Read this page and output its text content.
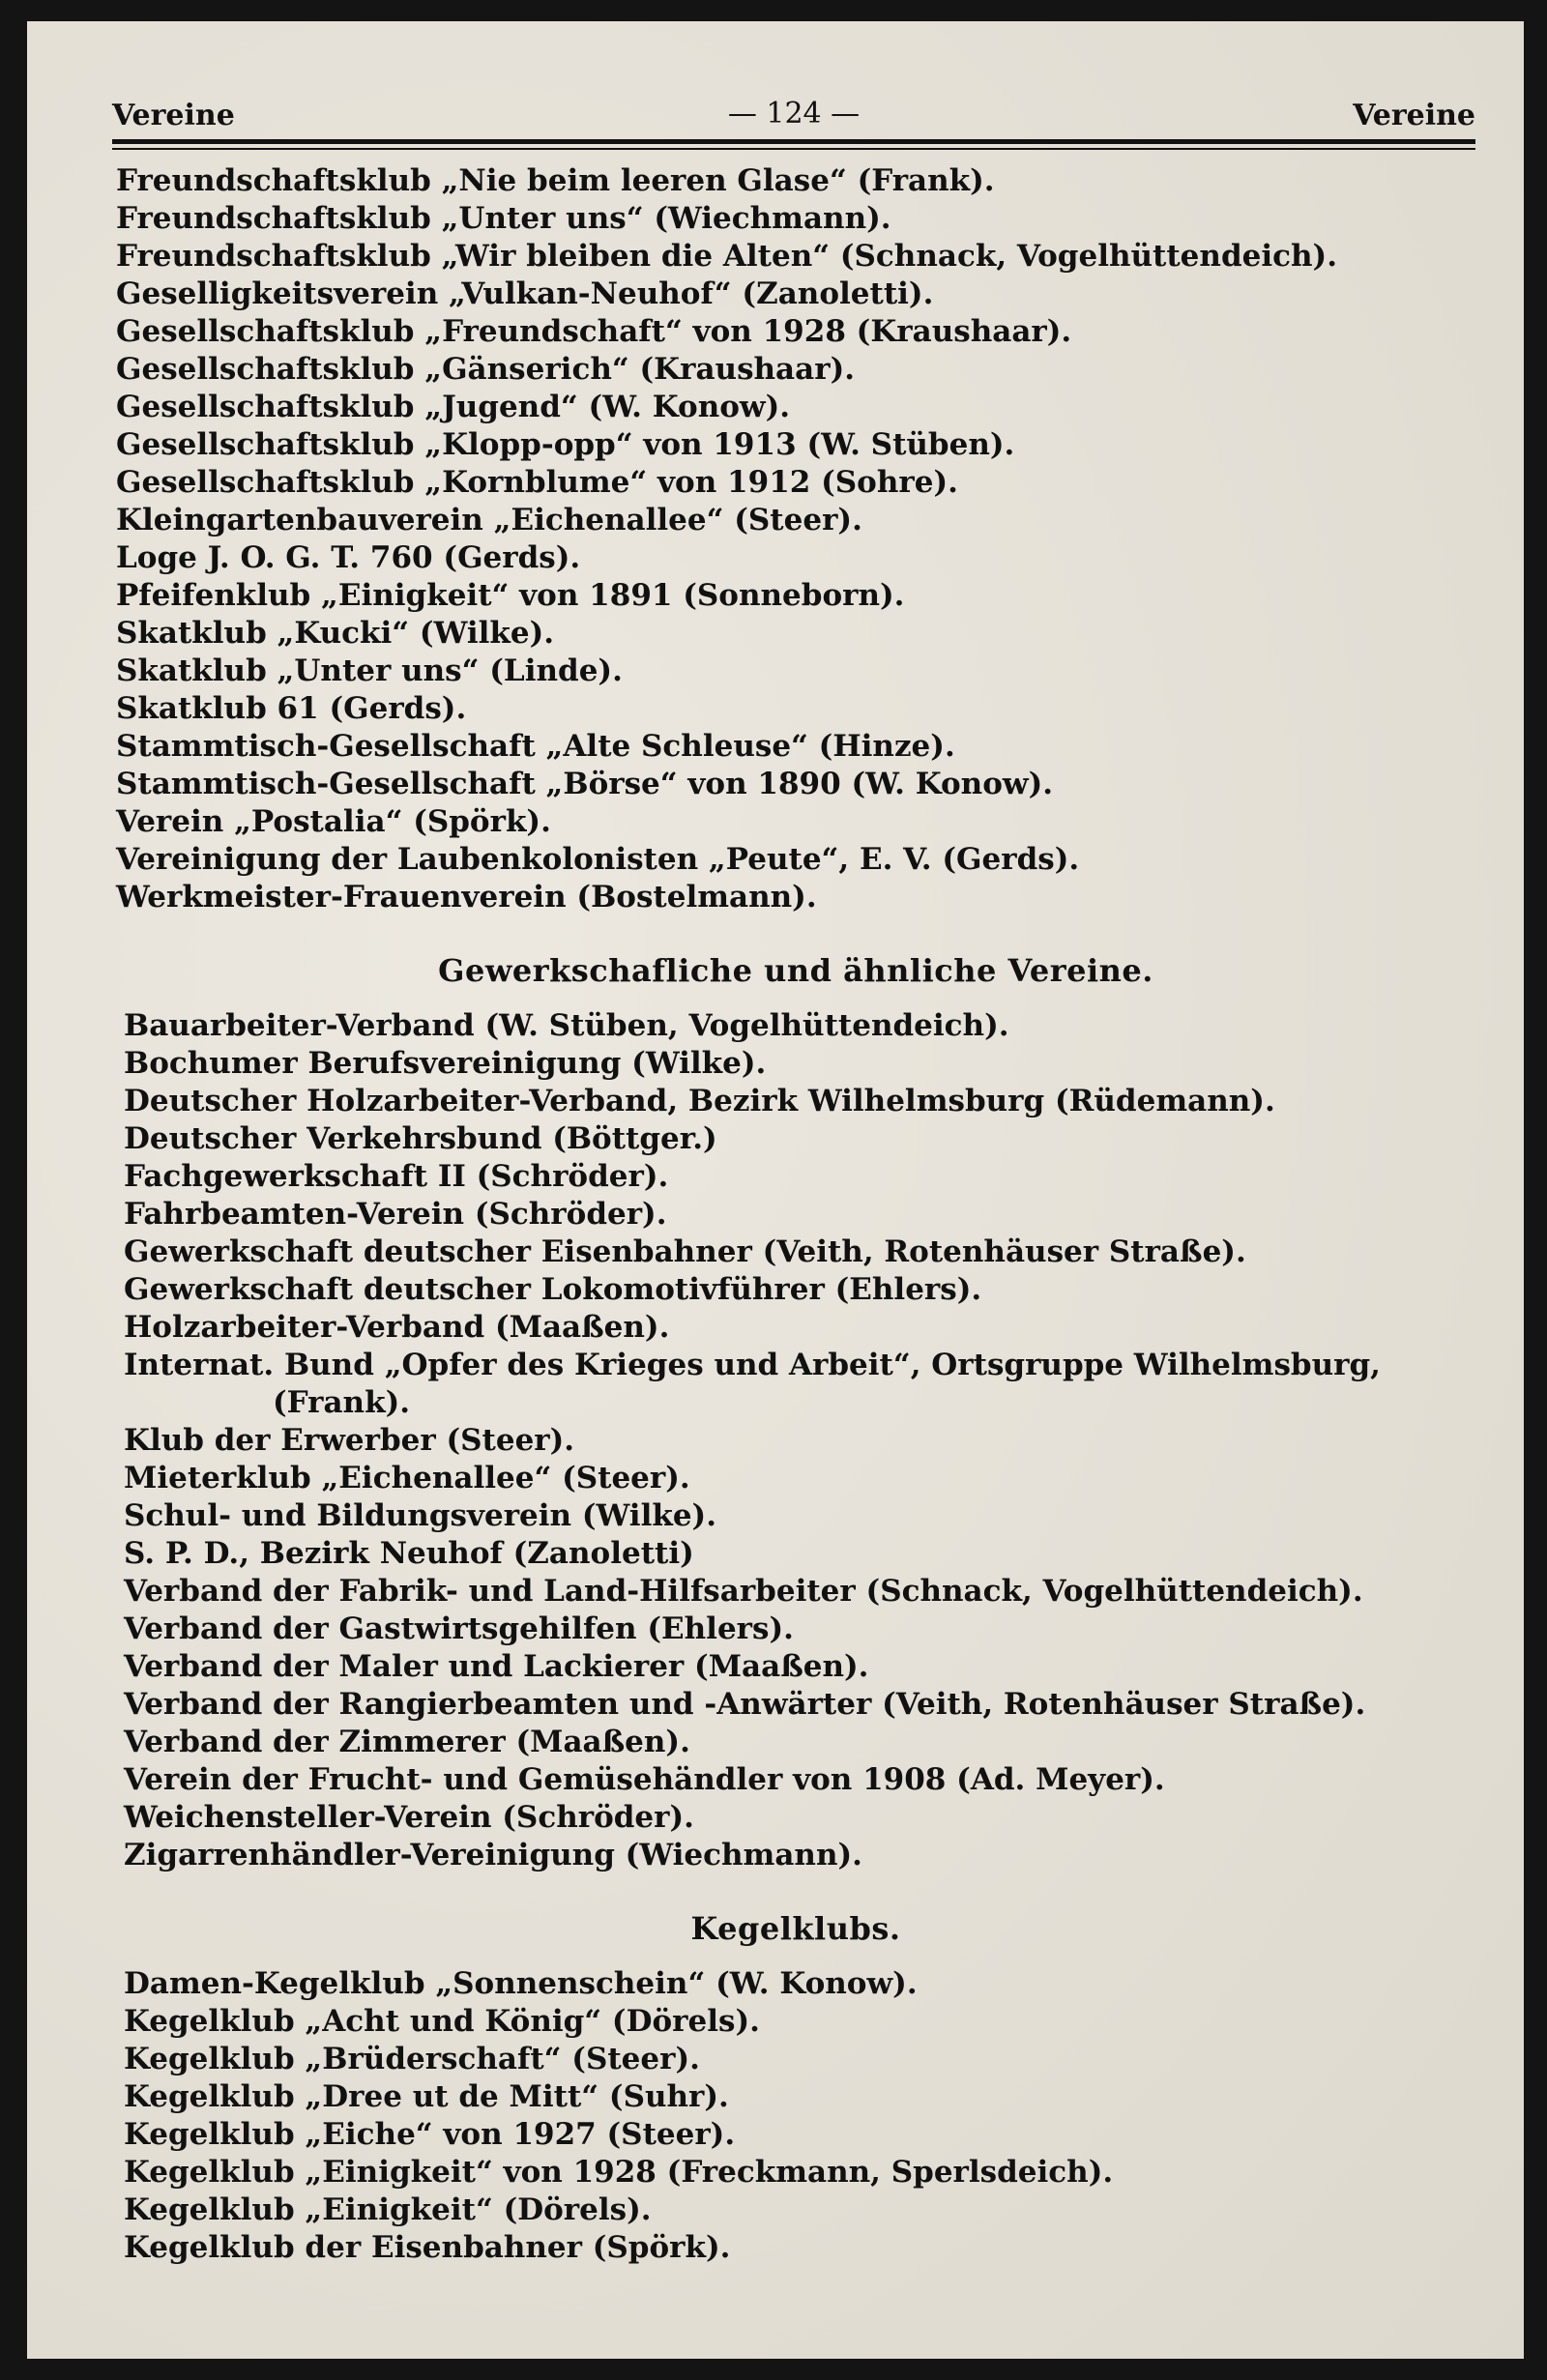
Vereine	— 124 —	Vereine
Freundschaftsklub „Nie beim leeren Glase“ (Frank).
Freundschaftsklub „Unter uns“ (Wiechmann).
Freundschaftsklub „Wir bleiben die Alten“ (Schnack, Vogelhüttendeich).
Geselligkeitsverein „Vulkan-Neuhof“ (Zanoletti).
Gesellschaftsklub „Freundschaft“ von 1928 (Kraushaar).
Gesellschaftsklub „Gänserich“ (Kraushaar).
Gesellschaftsklub „Jugend“ (W. Konow).
Gesellschaftsklub „Klopp-opp“ von 1913 (W. Stüben).
Gesellschaftsklub „Kornblume“ von 1912 (Sohre).
Kleingartenbauverein „Eichenallee“ (Steer).
Loge J. O. G. T. 760 (Gerds).
Pfeifenklub „Einigkeit“ von 1891 (Sonneborn).
Skatklub „Kucki“ (Wilke).
Skatklub „Unter uns“ (Linde).
Skatklub 61 (Gerds).
Stammtisch-Gesellschaft „Alte Schleuse“ (Hinze).
Stammtisch-Gesellschaft „Börse“ von 1890 (W. Konow).
Verein „Postalia“ (Spörk).
Vereinigung der Laubenkolonisten „Peute“, E. V. (Gerds).
Werkmeister-Frauenverein (Bostelmann).
Gewerkschafliche und ähnliche Vereine.
Bauarbeiter-Verband (W. Stüben, Vogelhüttendeich).
Bochumer Berufsvereinigung (Wilke).
Deutscher Holzarbeiter-Verband, Bezirk Wilhelmsburg (Rüdemann).
Deutscher Verkehrsbund (Böttger.)
Fachgewerkschaft II (Schröder).
Fahrbeamten-Verein (Schröder).
Gewerkschaft deutscher Eisenbahner (Veith, Rotenhäuser Straße).
Gewerkschaft deutscher Lokomotivführer (Ehlers).
Holzarbeiter-Verband (Maaßen).
Internat. Bund „Opfer des Krieges und Arbeit“, Ortsgruppe Wilhelmsburg,
(Frank).
Klub der Erwerber (Steer).
Mieterklub „Eichenallee“ (Steer).
Schul- und Bildungsverein (Wilke).
S. P. D., Bezirk Neuhof (Zanoletti)
Verband der Fabrik- und Land-Hilfsarbeiter (Schnack, Vogelhüttendeich).
Verband der Gastwirtsgehilfen (Ehlers).
Verband der Maler und Lackierer (Maaßen).
Verband der Rangierbeamten und -Anwärter (Veith, Rotenhäuser Straße).
Verband der Zimmerer (Maaßen).
Verein der Frucht- und Gemüsehändler von 1908 (Ad. Meyer).
Weichensteller-Verein (Schröder).
Zigarrenhändler-Vereinigung (Wiechmann).
Kegelklubs.
Damen-Kegelklub „Sonnenschein“ (W. Konow).
Kegelklub „Acht und König“ (Dörels).
Kegelklub „Brüderschaft“ (Steer).
Kegelklub „Dree ut de Mitt“ (Suhr).
Kegelklub „Eiche“ von 1927 (Steer).
Kegelklub „Einigkeit“ von 1928 (Freckmann, Sperlsdeich).
Kegelklub „Einigkeit“ (Dörels).
Kegelklub der Eisenbahner (Spörk).
